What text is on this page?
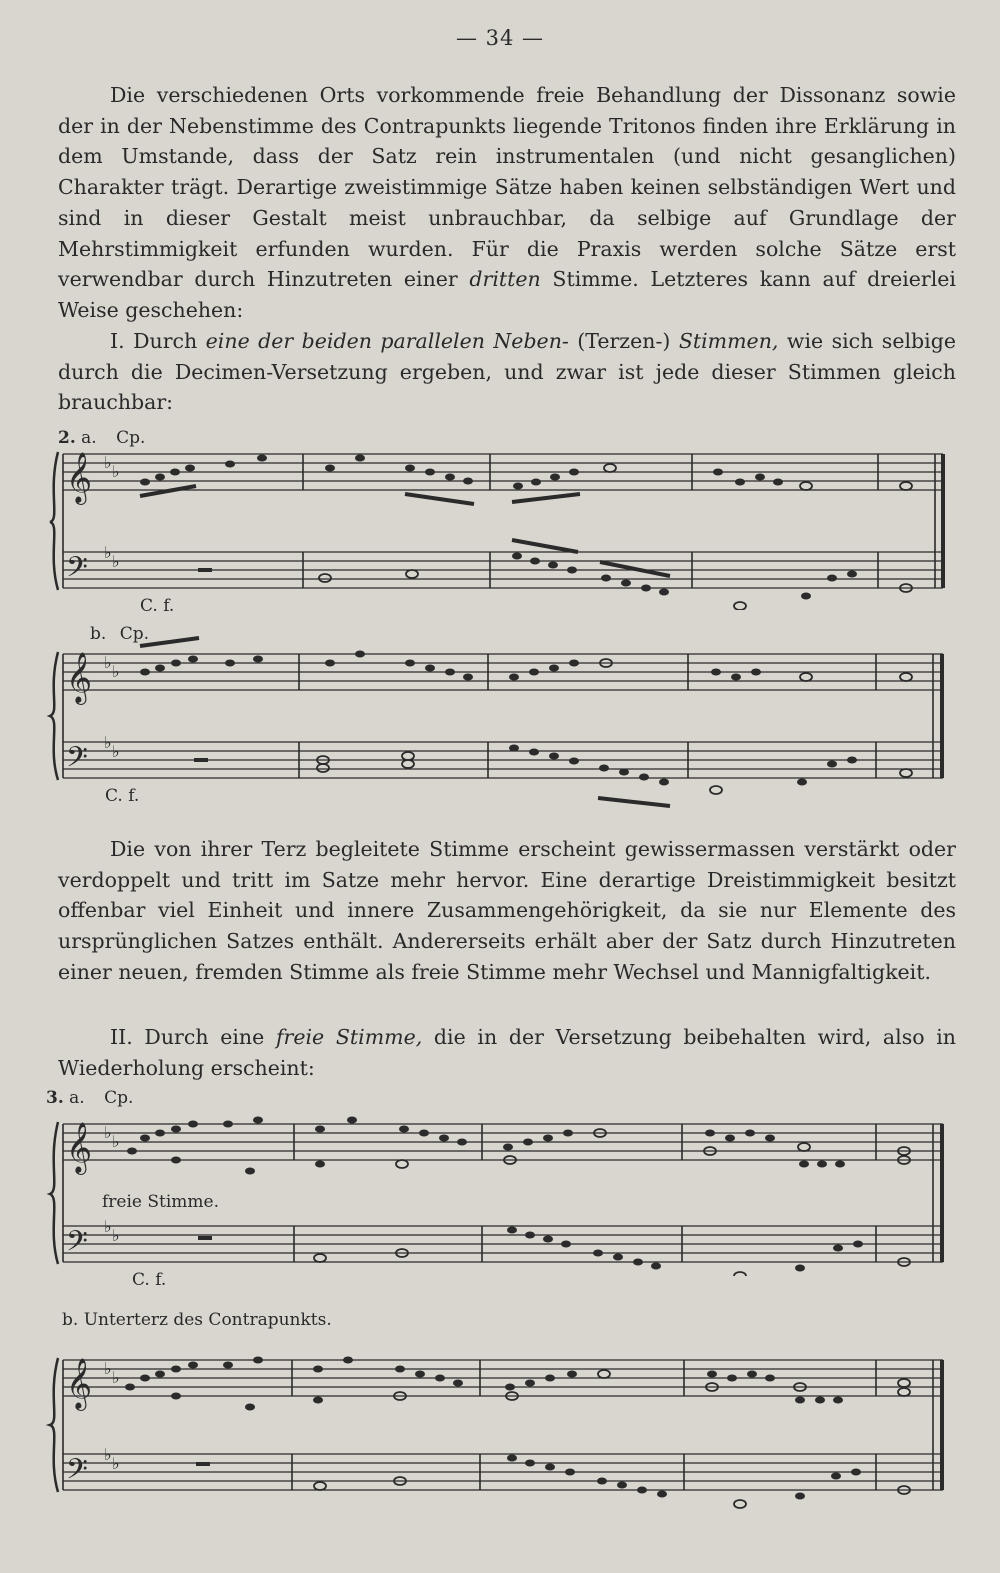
— 34 —
Die verschiedenen Orts vorkommende freie Behandlung der Dissonanz sowie der in der Nebenstimme des Contrapunkts liegende Tritonos finden ihre Erklärung in dem Umstande, dass der Satz rein instrumentalen (und nicht gesanglichen) Charakter trägt. Derartige zweistimmige Sätze haben keinen selbständigen Wert und sind in dieser Gestalt meist unbrauchbar, da selbige auf Grundlage der Mehrstimmigkeit erfunden wurden. Für die Praxis werden solche Sätze erst verwendbar durch Hinzutreten einer dritten Stimme. Letzteres kann auf dreierlei Weise geschehen:
I. Durch eine der beiden parallelen Neben- (Terzen-) Stimmen, wie sich selbige durch die Decimen-Versetzung ergeben, und zwar ist jede dieser Stimmen gleich brauchbar:
2. a. Cp.
C. f.
b. Cp.
C. f.
Die von ihrer Terz begleitete Stimme erscheint gewissermassen verstärkt oder verdoppelt und tritt im Satze mehr hervor. Eine derartige Dreistimmigkeit besitzt offenbar viel Einheit und innere Zusammengehörigkeit, da sie nur Elemente des ursprünglichen Satzes enthält. Andererseits erhält aber der Satz durch Hinzutreten einer neuen, fremden Stimme als freie Stimme mehr Wechsel und Mannigfaltigkeit.
II. Durch eine freie Stimme, die in der Versetzung beibehalten wird, also in Wiederholung erscheint:
3. a. Cp.
freie Stimme.
C. f.
b. Unterterz des Contrapunkts.
𝄞
𝄢
♭ ♭
♭ ♭
𝄞
𝄢
♭ ♭
♭ ♭
𝄞
𝄢
♭ ♭
♭ ♭
𝄞
𝄢
♭ ♭
♭ ♭
